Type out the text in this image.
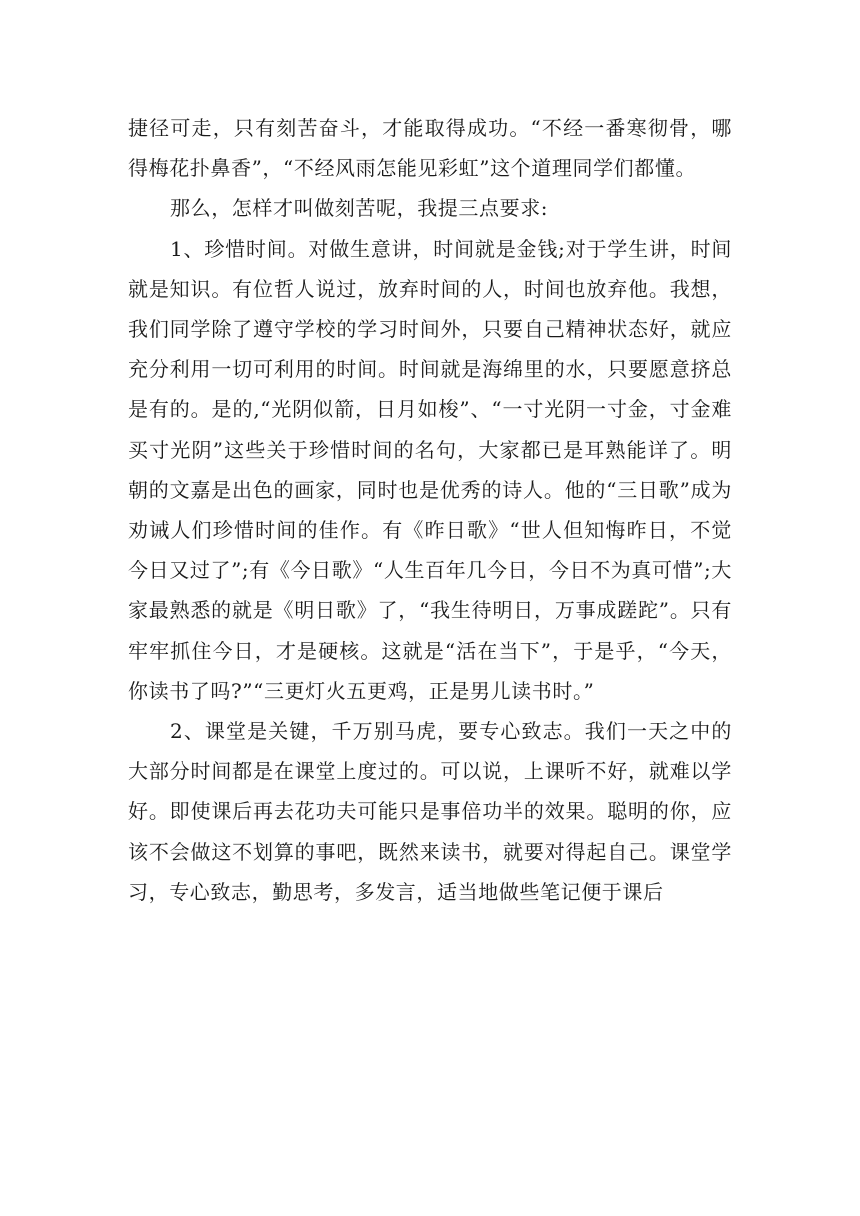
捷径可走，只有刻苦奋斗，才能取得成功。“不经一番寒彻骨，哪得梅花扑鼻香”，“不经风雨怎能见彩虹”这个道理同学们都懂。

那么，怎样才叫做刻苦呢，我提三点要求:

1、珍惜时间。对做生意讲，时间就是金钱;对于学生讲，时间就是知识。有位哲人说过，放弃时间的人，时间也放弃他。我想，我们同学除了遵守学校的学习时间外，只要自己精神状态好，就应充分利用一切可利用的时间。时间就是海绵里的水，只要愿意挤总是有的。是的,“光阴似箭，日月如梭”、“一寸光阴一寸金，寸金难买寸光阴”这些关于珍惜时间的名句，大家都已是耳熟能详了。明朝的文嘉是出色的画家，同时也是优秀的诗人。他的“三日歌”成为劝诫人们珍惜时间的佳作。有《昨日歌》“世人但知悔昨日，不觉今日又过了”;有《今日歌》“人生百年几今日，今日不为真可惜”;大家最熟悉的就是《明日歌》了，“我生待明日，万事成蹉跎”。只有牢牢抓住今日，才是硬核。这就是“活在当下”，于是乎，“今天，你读书了吗?”“三更灯火五更鸡，正是男儿读书时。”

2、课堂是关键，千万别马虎，要专心致志。我们一天之中的大部分时间都是在课堂上度过的。可以说，上课听不好，就难以学好。即使课后再去花功夫可能只是事倍功半的效果。聪明的你，应该不会做这不划算的事吧，既然来读书，就要对得起自己。课堂学习，专心致志，勤思考，多发言，适当地做些笔记便于课后
